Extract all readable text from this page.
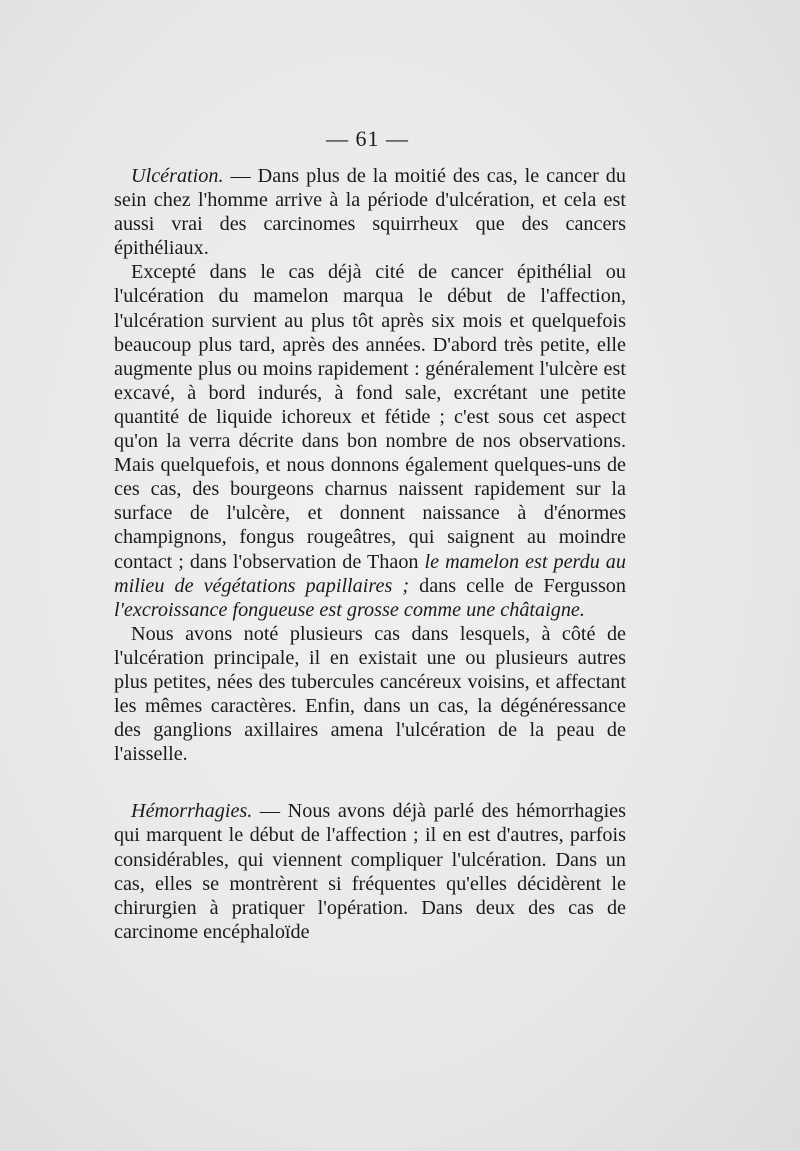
— 61 —

Ulcération. — Dans plus de la moitié des cas, le cancer du sein chez l'homme arrive à la période d'ulcération, et cela est aussi vrai des carcinomes squirrheux que des cancers épithéliaux.

Excepté dans le cas déjà cité de cancer épithélial ou l'ulcération du mamelon marqua le début de l'affection, l'ulcération survient au plus tôt après six mois et quelquefois beaucoup plus tard, après des années. D'abord très petite, elle augmente plus ou moins rapidement : généralement l'ulcère est excavé, à bord indurés, à fond sale, excrétant une petite quantité de liquide ichoreux et fétide ; c'est sous cet aspect qu'on la verra décrite dans bon nombre de nos observations. Mais quelquefois, et nous donnons également quelques-uns de ces cas, des bourgeons charnus naissent rapidement sur la surface de l'ulcère, et donnent naissance à d'énormes champignons, fongus rougeâtres, qui saignent au moindre contact ; dans l'observation de Thaon le mamelon est perdu au milieu de végétations papillaires ; dans celle de Fergusson l'excroissance fongueuse est grosse comme une châtaigne.

Nous avons noté plusieurs cas dans lesquels, à côté de l'ulcération principale, il en existait une ou plusieurs autres plus petites, nées des tubercules cancéreux voisins, et affectant les mêmes caractères. Enfin, dans un cas, la dégénéressance des ganglions axillaires amena l'ulcération de la peau de l'aisselle.

Hémorrhagies. — Nous avons déjà parlé des hémorrhagies qui marquent le début de l'affection ; il en est d'autres, parfois considérables, qui viennent compliquer l'ulcération. Dans un cas, elles se montrèrent si fréquentes qu'elles décidèrent le chirurgien à pratiquer l'opération. Dans deux des cas de carcinome encéphaloïde
